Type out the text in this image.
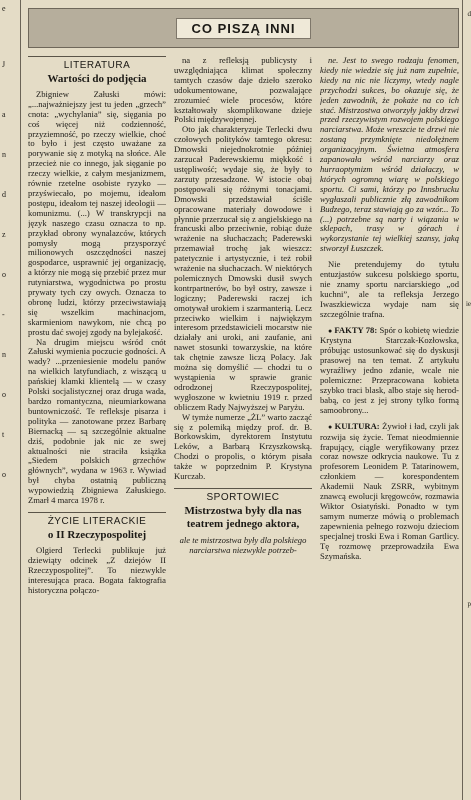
e
J
a
n
d
z
o
-
n
o
t
o
d
ie
p
CO PISZĄ INNI
LITERATURA
Wartości do podjęcia

Zbigniew Załuski mówi: „...najważniejszy jest tu jeden „grzech” cnota: „wychylania” się, sięgania po coś więcej niż codzienność, przyziemność, po rzeczy wielkie, choć to było i jest często uważane za porywanie się z motyką na słońce. Ale przecież nie co innego, jak sięganie po rzeczy wielkie, z całym mesjanizmem, równie rzetelne osobiste ryzyko — przyświecało, po mojemu, ideałom postępu, ideałom tej naszej ideologii — komunizmu. (...) W transkrypcji na język naszego czasu oznacza to np. przykład obrony wynalazców, których pomysły mogą przysporzyć milionowych oszczędności naszej gospodarce, usprawnić jej organizację, a którzy nie mogą się przebić przez mur rutyniarstwa, wygodnictwa po prostu prywaty tych czy owych. Oznacza to obronę ludzi, którzy przeciwstawiają się wszelkim machinacjom, skarmieniom nawykom, nie chcą po prostu dać swojej zgody na bylejakość.

Na drugim miejscu wśród cnót Załuski wymienia poczucie godności. A wady? ...przeniesienie modelu panów na wielkich latyfundiach, z wiszącą u pańskiej klamki klientelą — w czasy Polski socjalistycznej oraz druga wada, bardzo romantyczna, nieumiarkowana buntowniczość. Te refleksje pisarza i polityka — zanotowane przez Barbarę Biernacką — są szczególnie aktualne dziś, podobnie jak nic ze swej aktualności nie straciła książka „Siedem polskich grzechów głównych”, wydana w 1963 r. Wywiad był chyba ostatnią publiczną wypowiedzią Zbigniewa Załuskiego. Zmarł 4 marca 1978 r.

ŻYCIE LITERACKIE
o II Rzeczypospolitej

Olgierd Terlecki publikuje już dziewiąty odcinek „Z dziejów II Rzeczypospolitej”. To niezwykle interesująca praca. Bogata faktografia historyczna połączo-

na z refleksją publicysty i uwzględniająca klimat społeczny tamtych czasów daje dzieło szeroko udokumentowane, pozwalające zrozumieć wiele procesów, które kształtowały skomplikowane dzieje Polski międzywojennej.

Oto jak charakteryzuje Terlecki dwu czołowych polityków tamtego okresu: Dmowski niejednokrotnie później zarzucał Paderewskiemu miękkość i ustępliwość; wydaje się, że były to zarzuty przesadzone. W istocie obaj postępowali się różnymi tonacjami. Dmowski przedstawiał ściśle opracowane materiały dowodowe i płynnie przerzucał się z angielskiego na francuski albo przeciwnie, robiąc duże wrażenie na słuchaczach; Paderewski przemawiał trochę jak wieszcz: patetycznie i artystycznie, i też robił wrażenie na słuchaczach. W niektórych polemicznych Dmowski dusił swych kontrpartnerów, bo był ostry, zawsze i logiczny; Paderewski raczej ich omotywał urokiem i szarmanterią. Lecz przeciwko wielkim i najwiękzym interesom przedstawicieli mocarstw nie działały ani uroki, ani zaufanie, ani nawet stosunki towarzyskie, na które tak chętnie zawsze liczą Polacy. Jak można się domyślić — chodzi tu o wystąpienia w sprawie granic odrodzonej Rzeczypospolitej, wygłoszone w kwietniu 1919 r. przed obliczem Rady Najwyższej w Paryżu.

W tymże numerze „ŻL” warto zacząć się z polemiką między prof. dr. B. Borkowskim, dyrektorem Instytutu Leków, a Barbarą Krzyszkowską. Chodzi o propolis, o którym pisała także w poprzednim P. Krystyna Kurczab.

SPORTOWIEC
Mistrzostwa były dla nas teatrem jednego aktora,
ale te mistrzostwa były dla polskiego narciarstwa niezwykle potrzeb-

ne. Jest to swego rodzaju fenomen, kiedy nie wiedzie się już nam zupełnie, kiedy na nic nie liczymy, wtedy nagle przychodzi sukces, bo okazuje się, że jeden zawodnik, że pokaże na co ich stać. Mistrzostwa otworzyły jakby drzwi przed rzeczywistym rozwojem polskiego narciarstwa. Może wreszcie te drzwi nie zostaną przymknięte niedołężnem organizacyjnym. Świetna atmosfera zapanowała wśród narciarzy oraz hurraoptymizm wśród działaczy, w których ogromną wiarę w polskiego sportu. Ci sami, którzy po Innsbrucku wygłaszali publicznie złą zawodnikom Budzego, teraz stawiają go za wzór... To (...) potrzebne są narty i wiązania w sklepach, trasy w górach i wykorzystanie tej wielkiej szansy, jaką stworzył Łuszczek.

Nie pretendujemy do tytułu entuzjastów sukcesu polskiego sportu, nie znamy sportu narciarskiego „od kuchni”, ale ta refleksja Jerzego Iwaszkiewicza wydaje nam się szczególnie trafna.

● FAKTY 78: Spór o kobietę wiedzie Krystyna Starczak-Kozłowska, próbując ustosunkować się do dyskusji prasowej na ten temat. Z artykułu wyraźliwy jedno zdanie, wcale nie polemiczne: Przepracowana kobieta szybko traci blask, albo staje się herod-babą, co jest z jej strony tylko formą samoobrony...

● KULTURA: Żywioł i ład, czyli jak rozwija się życie. Temat nieodmiennie frapujący, ciągle weryfikowany przez coraz nowsze odkrycia naukowe. Tu z profesorem Leonidem P. Tatarinowem, członkiem — korespondentem Akademii Nauk ZSRR, wybitnym znawcą ewolucji kręgowców, rozmawia Wiktor Osiatyński. Ponadto w tym samym numerze mówią o problemach zapewnienia pełnego rozwoju dzieciom specjalnej troski Ewa i Roman Gartlicy. Tę rozmowę przeprowadziła Ewa Szymańska.
